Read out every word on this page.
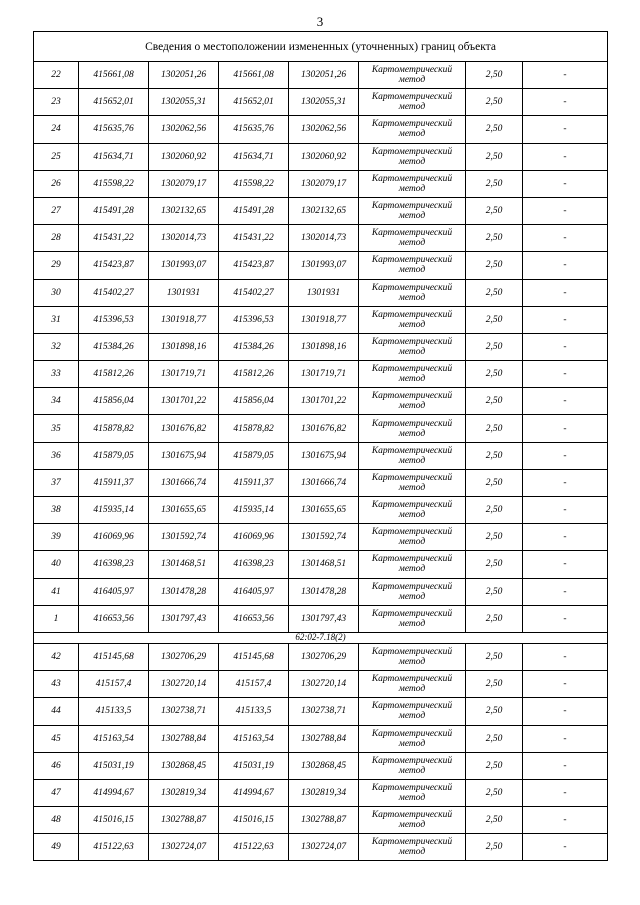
3
Сведения о местоположении измененных (уточненных) границ объекта							
22	415661,08	1302051,26	415661,08	1302051,26	Картометрический метод	2,50	-
23	415652,01	1302055,31	415652,01	1302055,31	Картометрический метод	2,50	-
24	415635,76	1302062,56	415635,76	1302062,56	Картометрический метод	2,50	-
25	415634,71	1302060,92	415634,71	1302060,92	Картометрический метод	2,50	-
26	415598,22	1302079,17	415598,22	1302079,17	Картометрический метод	2,50	-
27	415491,28	1302132,65	415491,28	1302132,65	Картометрический метод	2,50	-
28	415431,22	1302014,73	415431,22	1302014,73	Картометрический метод	2,50	-
29	415423,87	1301993,07	415423,87	1301993,07	Картометрический метод	2,50	-
30	415402,27	1301931	415402,27	1301931	Картометрический метод	2,50	-
31	415396,53	1301918,77	415396,53	1301918,77	Картометрический метод	2,50	-
32	415384,26	1301898,16	415384,26	1301898,16	Картометрический метод	2,50	-
33	415812,26	1301719,71	415812,26	1301719,71	Картометрический метод	2,50	-
34	415856,04	1301701,22	415856,04	1301701,22	Картометрический метод	2,50	-
35	415878,82	1301676,82	415878,82	1301676,82	Картометрический метод	2,50	-
36	415879,05	1301675,94	415879,05	1301675,94	Картометрический метод	2,50	-
37	415911,37	1301666,74	415911,37	1301666,74	Картометрический метод	2,50	-
38	415935,14	1301655,65	415935,14	1301655,65	Картометрический метод	2,50	-
39	416069,96	1301592,74	416069,96	1301592,74	Картометрический метод	2,50	-
40	416398,23	1301468,51	416398,23	1301468,51	Картометрический метод	2,50	-
41	416405,97	1301478,28	416405,97	1301478,28	Картометрический метод	2,50	-
1	416653,56	1301797,43	416653,56	1301797,43	Картометрический метод	2,50	-
62:02-7.18(2)							
42	415145,68	1302706,29	415145,68	1302706,29	Картометрический метод	2,50	-
43	415157,4	1302720,14	415157,4	1302720,14	Картометрический метод	2,50	-
44	415133,5	1302738,71	415133,5	1302738,71	Картометрический метод	2,50	-
45	415163,54	1302788,84	415163,54	1302788,84	Картометрический метод	2,50	-
46	415031,19	1302868,45	415031,19	1302868,45	Картометрический метод	2,50	-
47	414994,67	1302819,34	414994,67	1302819,34	Картометрический метод	2,50	-
48	415016,15	1302788,87	415016,15	1302788,87	Картометрический метод	2,50	-
49	415122,63	1302724,07	415122,63	1302724,07	Картометрический метод	2,50	-
